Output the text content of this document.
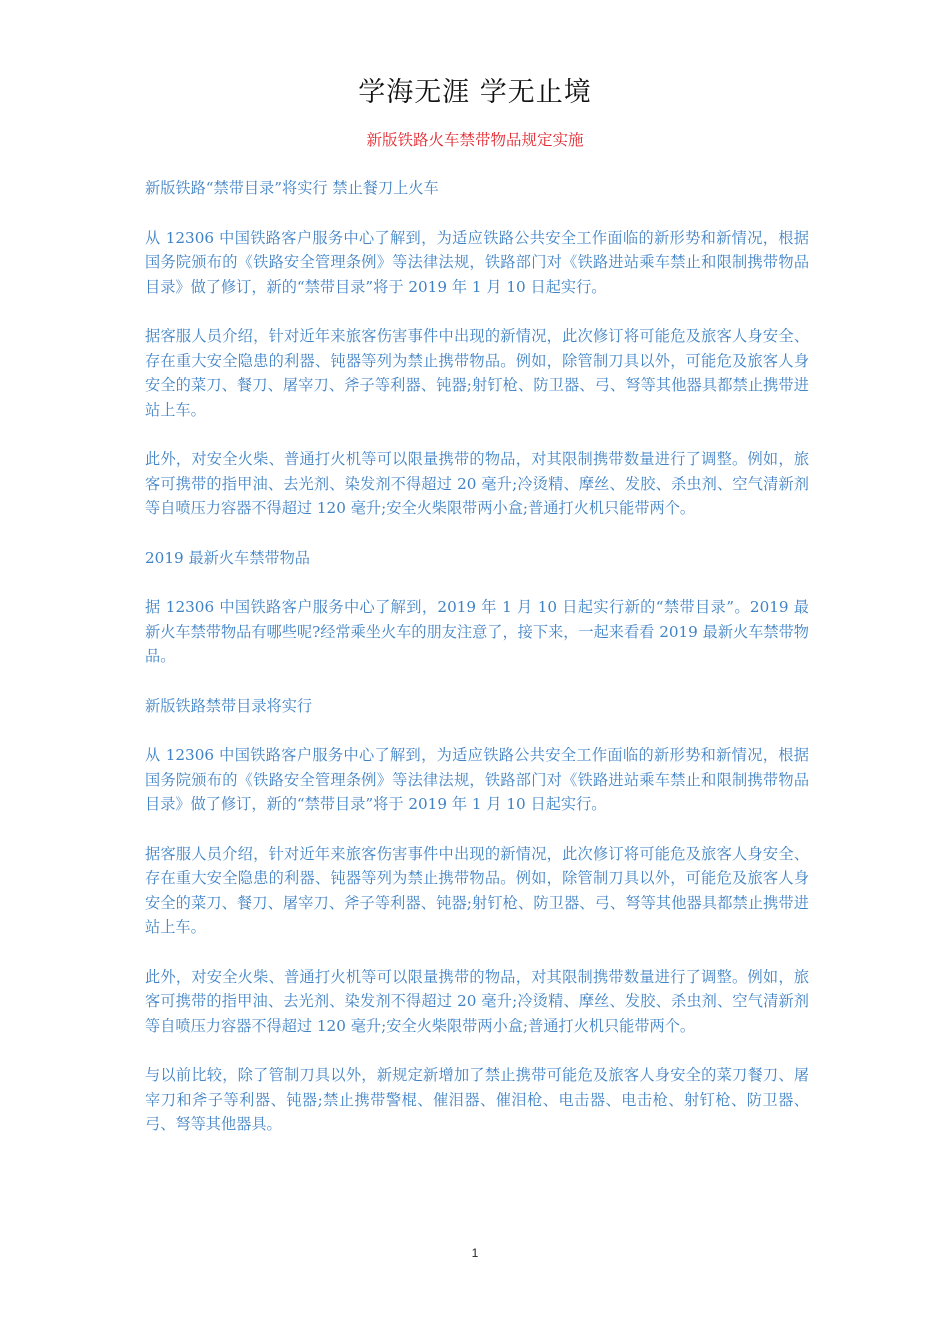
学海无涯 学无止境
新版铁路火车禁带物品规定实施

新版铁路“禁带目录”将实行 禁止餐刀上火车

从 12306 中国铁路客户服务中心了解到，为适应铁路公共安全工作面临的新形势和新情况，根据国务院颁布的《铁路安全管理条例》等法律法规，铁路部门对《铁路进站乘车禁止和限制携带物品目录》做了修订，新的“禁带目录”将于 2019 年 1 月 10 日起实行。

据客服人员介绍，针对近年来旅客伤害事件中出现的新情况，此次修订将可能危及旅客人身安全、存在重大安全隐患的利器、钝器等列为禁止携带物品。例如，除管制刀具以外，可能危及旅客人身安全的菜刀、餐刀、屠宰刀、斧子等利器、钝器;射钉枪、防卫器、弓、弩等其他器具都禁止携带进站上车。

此外，对安全火柴、普通打火机等可以限量携带的物品，对其限制携带数量进行了调整。例如，旅客可携带的指甲油、去光剂、染发剂不得超过 20 毫升;冷烫精、摩丝、发胶、杀虫剂、空气清新剂等自喷压力容器不得超过 120 毫升;安全火柴限带两小盒;普通打火机只能带两个。

2019 最新火车禁带物品

据 12306 中国铁路客户服务中心了解到，2019 年 1 月 10 日起实行新的“禁带目录”。2019 最新火车禁带物品有哪些呢?经常乘坐火车的朋友注意了，接下来，一起来看看 2019 最新火车禁带物品。

新版铁路禁带目录将实行

从 12306 中国铁路客户服务中心了解到，为适应铁路公共安全工作面临的新形势和新情况，根据国务院颁布的《铁路安全管理条例》等法律法规，铁路部门对《铁路进站乘车禁止和限制携带物品目录》做了修订，新的“禁带目录”将于 2019 年 1 月 10 日起实行。

据客服人员介绍，针对近年来旅客伤害事件中出现的新情况，此次修订将可能危及旅客人身安全、存在重大安全隐患的利器、钝器等列为禁止携带物品。例如，除管制刀具以外，可能危及旅客人身安全的菜刀、餐刀、屠宰刀、斧子等利器、钝器;射钉枪、防卫器、弓、弩等其他器具都禁止携带进站上车。

此外，对安全火柴、普通打火机等可以限量携带的物品，对其限制携带数量进行了调整。例如，旅客可携带的指甲油、去光剂、染发剂不得超过 20 毫升;冷烫精、摩丝、发胶、杀虫剂、空气清新剂等自喷压力容器不得超过 120 毫升;安全火柴限带两小盒;普通打火机只能带两个。

与以前比较，除了管制刀具以外，新规定新增加了禁止携带可能危及旅客人身安全的菜刀餐刀、屠宰刀和斧子等利器、钝器;禁止携带警棍、催泪器、催泪枪、电击器、电击枪、射钉枪、防卫器、弓、弩等其他器具。

1
